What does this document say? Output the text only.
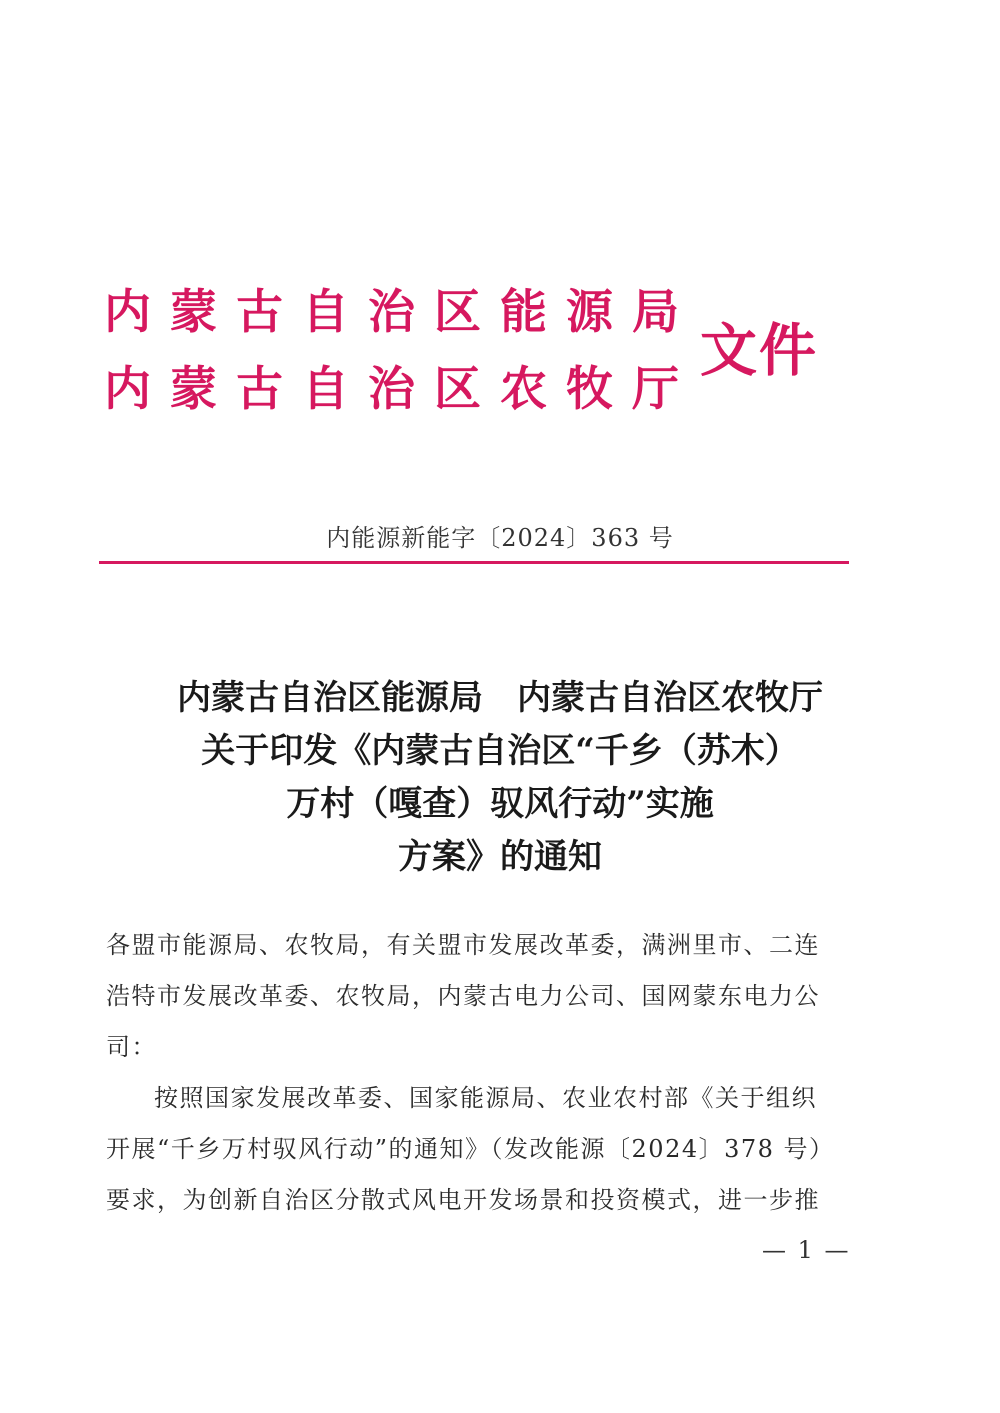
内蒙古自治区能源局
内蒙古自治区农牧厅
文件
内能源新能字〔2024〕363 号
内蒙古自治区能源局　内蒙古自治区农牧厅
关于印发《内蒙古自治区“千乡（苏木）
万村（嘎查）驭风行动”实施
方案》的通知
各盟市能源局、农牧局，有关盟市发展改革委，满洲里市、二连
浩特市发展改革委、农牧局，内蒙古电力公司、国网蒙东电力公
司：
按照国家发展改革委、国家能源局、农业农村部《关于组织
开展“千乡万村驭风行动”的通知》（发改能源〔2024〕378 号）
要求，为创新自治区分散式风电开发场景和投资模式，进一步推
— 1 —
